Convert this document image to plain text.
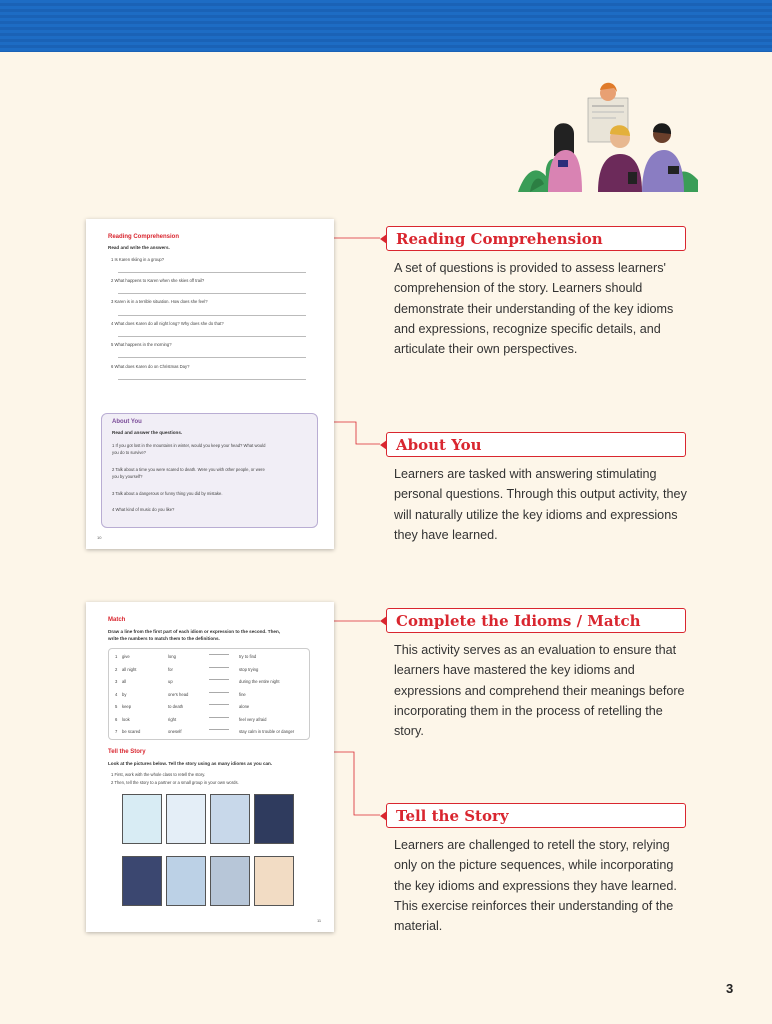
Reading Comprehension
Read and write the answers.
1 Is Karen skiing in a group?
2 What happens to Karen when she skies off trail?
3 Karen is in a terrible situation. How does she feel?
4 What does Karen do all night long? Why does she do that?
5 What happens in the morning?
6 What does Karen do on Christmas Day?
About You
Read and answer the questions.
1 If you got lost in the mountains in winter, would you keep your head? What would
you do to survive?
2 Talk about a time you were scared to death. Were you with other people, or were
you by yourself?
3 Talk about a dangerous or funny thing you did by mistake.
4 What kind of music do you like?
10
Match
Draw a line from the first part of each idiom or expression to the second. Then,
write the numbers to match them to the definitions.
1 give	long	try to find
2 all night	for	stop trying
3 all	up	during the entire night
4 by	one's head	fine
5 keep	to death	alone
6 look	right	feel very afraid
7 be scared	oneself	stay calm in trouble or danger
Tell the Story
Look at the pictures below. Tell the story using as many idioms as you can.
1 First, work with the whole class to retell the story.
2 Then, tell the story to a partner or a small group in your own words.
11
Reading Comprehension
A set of questions is provided to assess learners' comprehension of the story. Learners should demonstrate their understanding of the key idioms and expressions, recognize specific details, and articulate their own perspectives.
About You
Learners are tasked with answering stimulating personal questions. Through this output activity, they will naturally utilize the key idioms and expressions they have learned.
Complete the Idioms / Match
This activity serves as an evaluation to ensure that learners have mastered the key idioms and expressions and comprehend their meanings before incorporating them in the process of retelling the story.
Tell the Story
Learners are challenged to retell the story, relying only on the picture sequences, while incorporating the key idioms and expressions they have learned. This exercise reinforces their understanding of the material.
3
